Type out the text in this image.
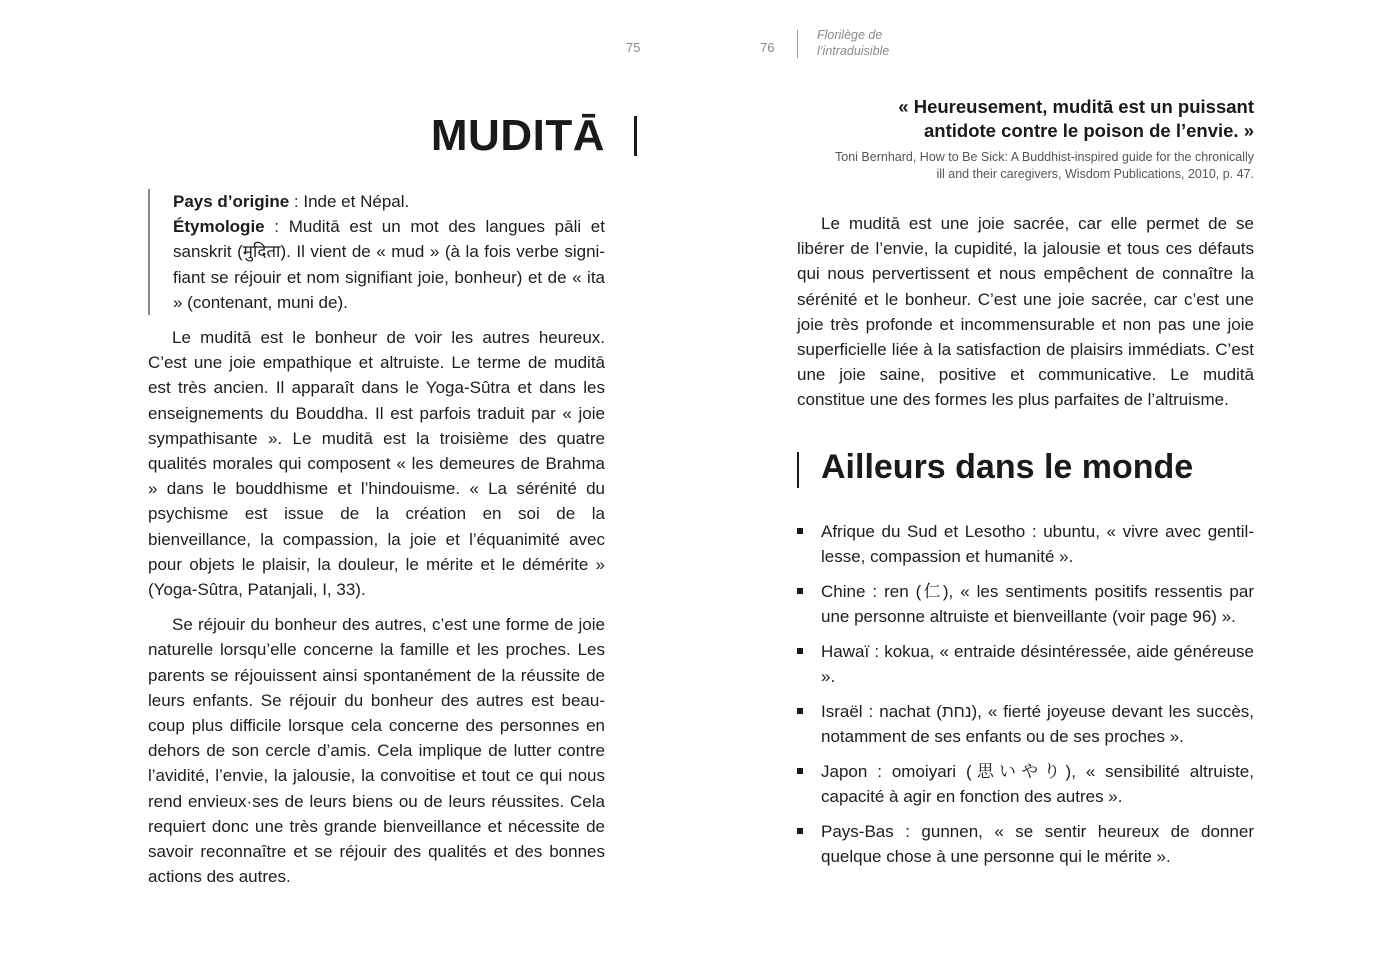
75	76
Florilège de
l’intraduisible
MUDITĀ

Pays d’origine : Inde et Népal.

Étymologie : Muditā est un mot des langues pāli et sanskrit (मुदिता). Il vient de « mud » (à la fois verbe signifiant se réjouir et nom signifiant joie, bonheur) et de « ita » (contenant, muni de).

Le muditā est le bonheur de voir les autres heureux. C’est une joie empathique et altruiste. Le terme de muditā est très ancien. Il apparaît dans le Yoga-Sûtra et dans les enseignements du Bouddha. Il est parfois traduit par « joie sympathisante ». Le muditā est la troisième des quatre qualités morales qui composent « les demeures de Brahma » dans le bouddhisme et l’hindouisme. « La sérénité du psychisme est issue de la création en soi de la bienveillance, la compassion, la joie et l’équanimité avec pour objets le plaisir, la douleur, le mérite et le démérite » (Yoga-Sûtra, Patanjali, I, 33).

Se réjouir du bonheur des autres, c’est une forme de joie naturelle lorsqu’elle concerne la famille et les proches. Les parents se réjouissent ainsi spontanément de la réussite de leurs enfants. Se réjouir du bonheur des autres est beaucoup plus difficile lorsque cela concerne des personnes en dehors de son cercle d’amis. Cela implique de lutter contre l’avidité, l’envie, la jalousie, la convoitise et tout ce qui nous rend envieux·ses de leurs biens ou de leurs réussites. Cela requiert donc une très grande bienveillance et nécessite de savoir reconnaître et se réjouir des qualités et des bonnes actions des autres.

« Heureusement, muditā est un puissant
antidote contre le poison de l’envie. »
Toni Bernhard, How to Be Sick: A Buddhist-inspired guide for the chronically
ill and their caregivers, Wisdom Publications, 2010, p. 47.

Le muditā est une joie sacrée, car elle permet de se libérer de l’envie, la cupidité, la jalousie et tous ces défauts qui nous pervertissent et nous empêchent de connaître la sérénité et le bonheur. C’est une joie sacrée, car c’est une joie très profonde et incommensurable et non pas une joie superficielle liée à la satisfaction de plaisirs immédiats. C’est une joie saine, positive et communicative. Le muditā constitue une des formes les plus parfaites de l’altruisme.

Ailleurs dans le monde
Afrique du Sud et Lesotho : ubuntu, « vivre avec gentillesse, compassion et humanité ».
Chine : ren (仁), « les sentiments positifs ressentis par une personne altruiste et bienveillante (voir page 96) ».
Hawaï : kokua, « entraide désintéressée, aide généreuse ».
Israël : nachat (נחת), « fierté joyeuse devant les succès, notamment de ses enfants ou de ses proches ».
Japon : omoiyari (思いやり), « sensibilité altruiste, capacité à agir en fonction des autres ».
Pays-Bas : gunnen, « se sentir heureux de donner quelque chose à une personne qui le mérite ».
